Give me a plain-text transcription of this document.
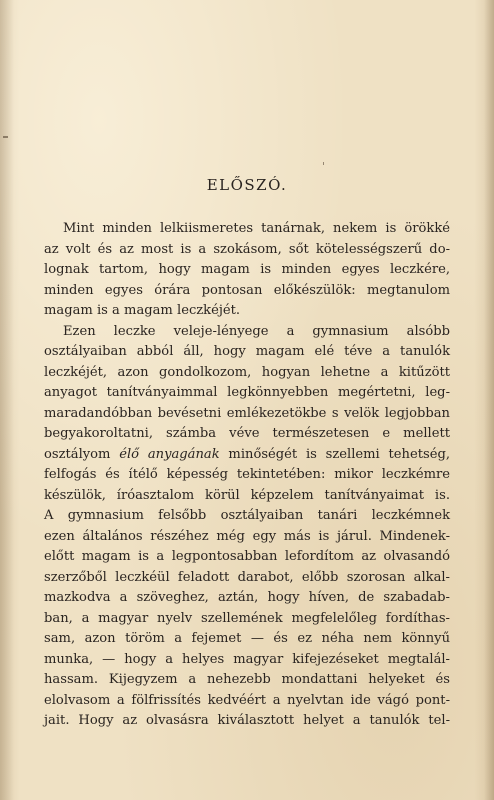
ELŐSZÓ.
Mint minden lelkiismeretes tanárnak, nekem is örökké
az volt és az most is a szokásom, sőt kötelességszerű do-
lognak tartom, hogy magam is minden egyes leczkére,
minden egyes órára pontosan előkészülök: megtanulom
magam is a magam leczkéjét.
Ezen leczke veleje-lényege a gymnasium alsóbb
osztályaiban abból áll, hogy magam elé téve a tanulók
leczkéjét, azon gondolkozom, hogyan lehetne a kitűzött
anyagot tanítványaimmal legkönnyebben megértetni, leg-
maradandóbban bevésetni emlékezetökbe s velök legjobban
begyakoroltatni, számba véve természetesen e mellett
osztályom élő anyagának minőségét is szellemi tehetség,
felfogás és ítélő képesség tekintetében: mikor leczkémre
készülök, íróasztalom körül képzelem tanítványaimat is.
A gymnasium felsőbb osztályaiban tanári leczkémnek
ezen általános részéhez még egy más is járul. Mindenek-
előtt magam is a legpontosabban lefordítom az olvasandó
szerzőből leczkéül feladott darabot, előbb szorosan alkal-
mazkodva a szöveghez, aztán, hogy híven, de szabadab-
ban, a magyar nyelv szellemének megfelelőleg fordíthas-
sam, azon töröm a fejemet — és ez néha nem könnyű
munka, — hogy a helyes magyar kifejezéseket megtalál-
hassam. Kijegyzem a nehezebb mondattani helyeket és
elolvasom a fölfrissítés kedvéért a nyelvtan ide vágó pont-
jait. Hogy az olvasásra kiválasztott helyet a tanulók tel-
